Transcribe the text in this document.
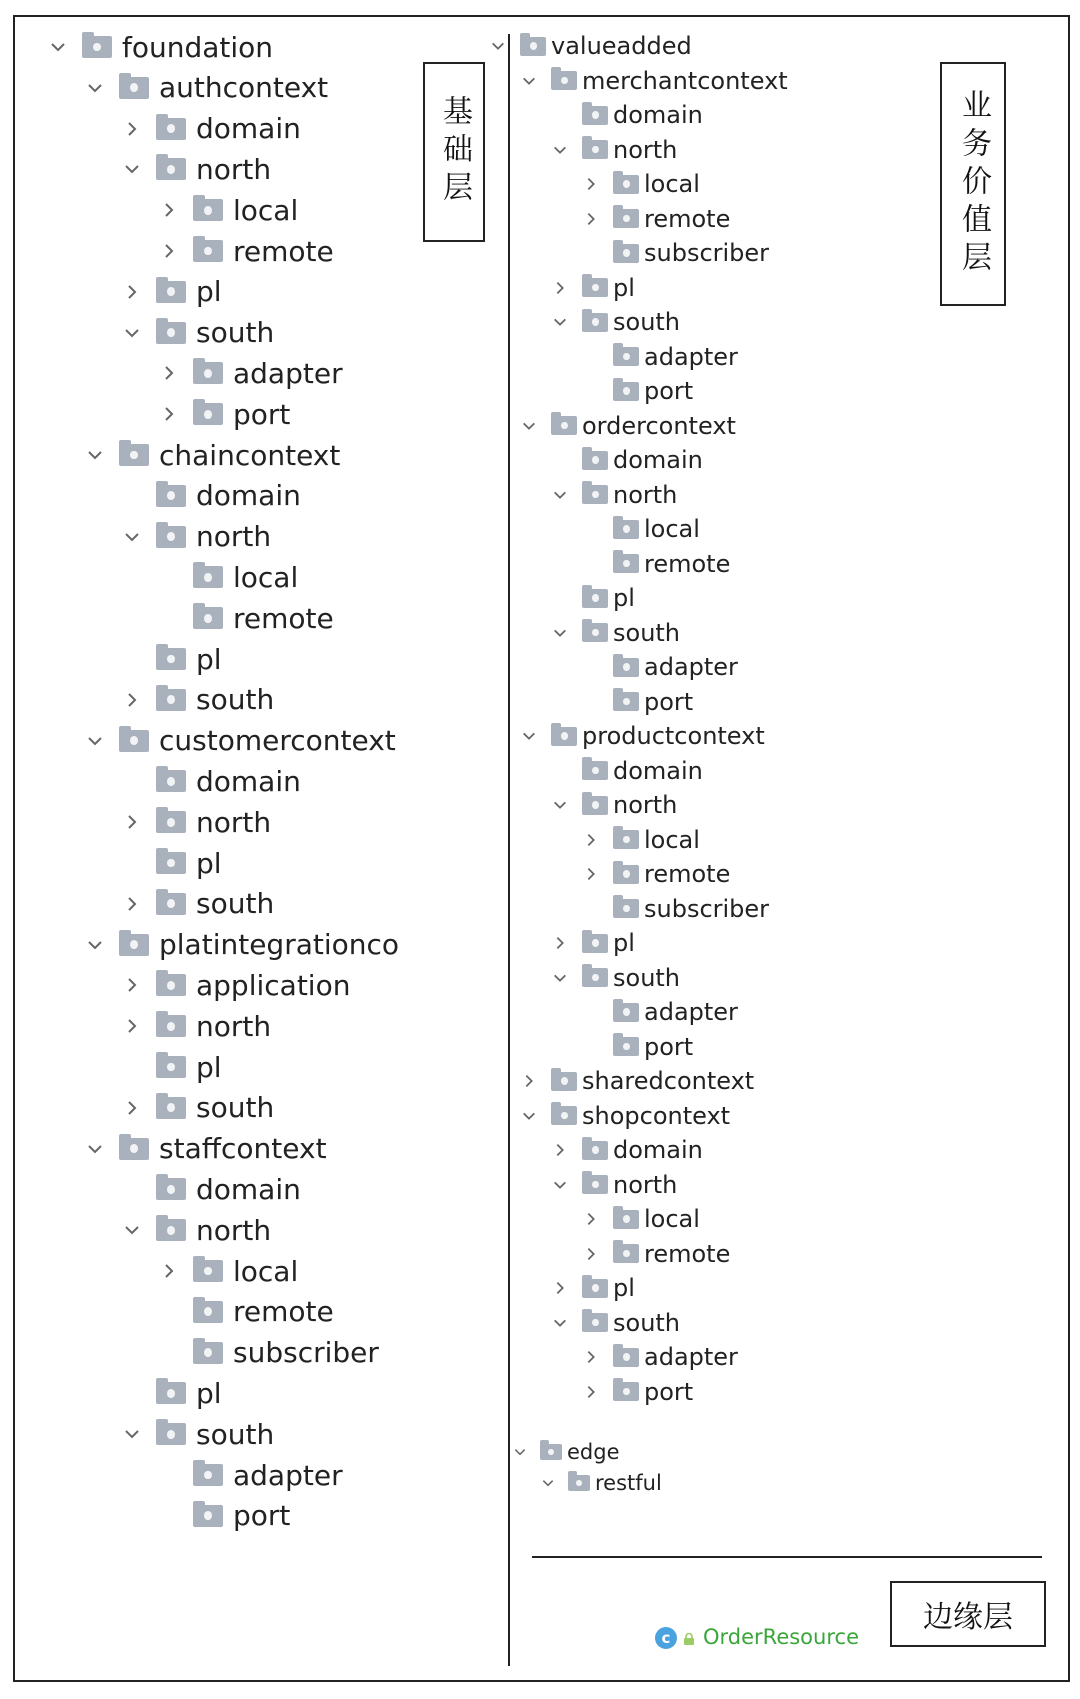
foundation
authcontext
domain
north
local
remote
pl
south
adapter
port
chaincontext
domain
north
local
remote
pl
south
customercontext
domain
north
pl
south
platintegrationco
application
north
pl
south
staffcontext
domain
north
local
remote
subscriber
pl
south
adapter
port
valueadded
merchantcontext
domain
north
local
remote
subscriber
pl
south
adapter
port
ordercontext
domain
north
local
remote
pl
south
adapter
port
productcontext
domain
north
local
remote
subscriber
pl
south
adapter
port
sharedcontext
shopcontext
domain
north
local
remote
pl
south
adapter
port
edge
restful
c	OrderResource
基础层	业务价值层
边缘层
